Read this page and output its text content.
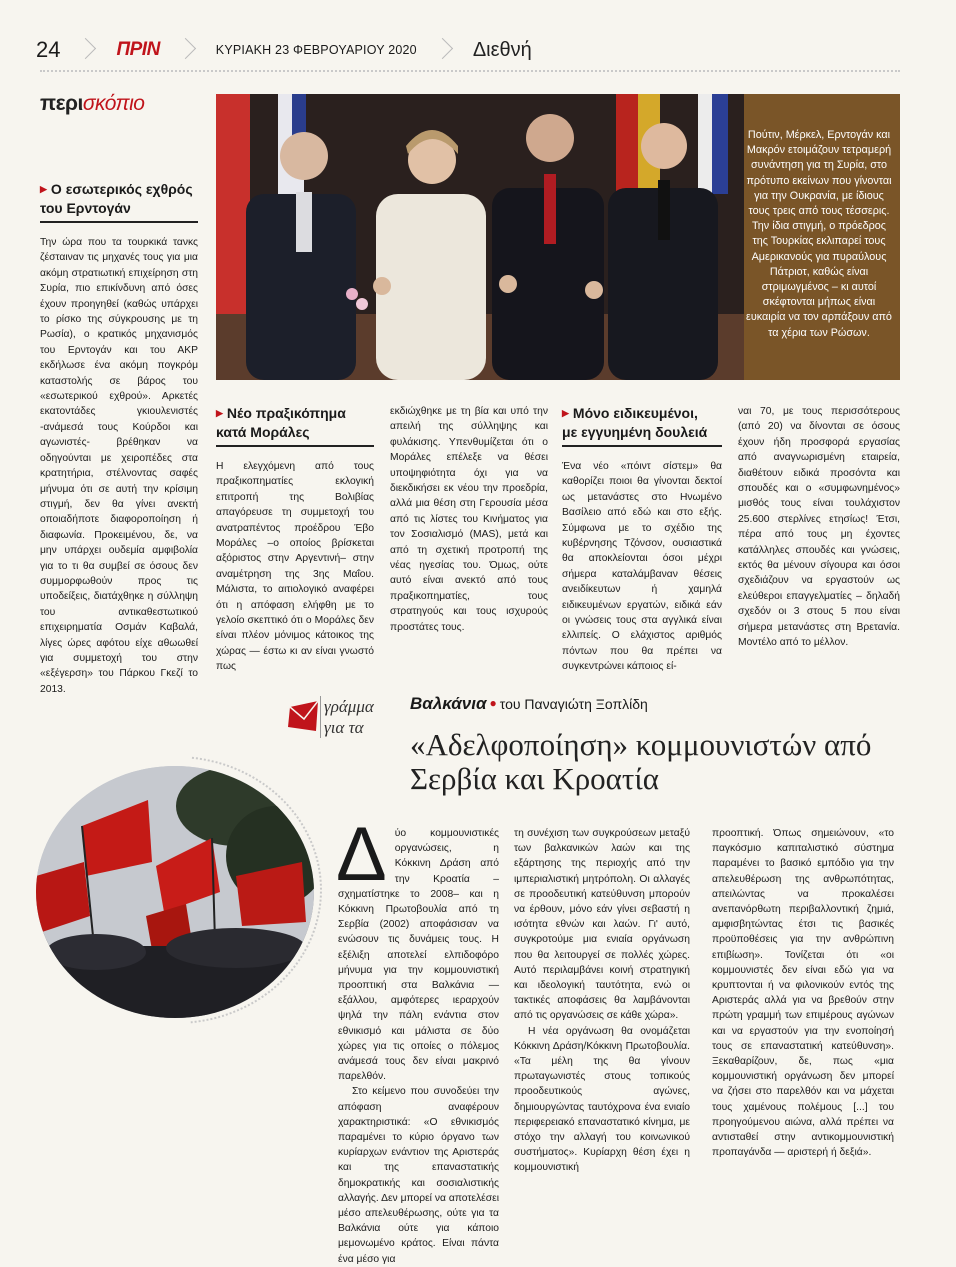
24	ΠΡΙΝ	ΚΥΡΙΑΚΗ 23 ΦΕΒΡΟΥΑΡΙΟΥ 2020	Διεθνή
περισκόπιο
▶ Ο εσωτερικός εχθρός
του Ερντογάν

Την ώρα που τα τουρκικά τανκς ζέσταιναν τις μηχανές τους για μια ακόμη στρατιωτική επιχείρηση στη Συρία, πιο επικίνδυνη από όσες έχουν προηγηθεί (καθώς υπάρχει το ρίσκο της σύγκρουσης με τη Ρωσία), ο κρατικός μηχανισμός του Ερντογάν και του ΑΚΡ εκδήλωσε ένα ακόμη πογκρόμ καταστολής σε βάρος του «εσωτερικού εχθρού». Αρκετές εκατοντάδες γκιουλενιστές -ανάμεσά τους Κούρδοι και αγωνιστές- βρέθηκαν να οδηγούνται με χειροπέδες στα κρατητήρια, στέλνοντας σαφές μήνυμα ότι σε αυτή την κρίσιμη στιγμή, δεν θα γίνει ανεκτή οποιαδήποτε διαφοροποίηση ή διαφωνία. Προκειμένου, δε, να μην υπάρχει ουδεμία αμφιβολία για το τι θα συμβεί σε όσους δεν συμμορφωθούν προς τις υποδείξεις, διατάχθηκε η σύλληψη του αντικαθεστωτικού επιχειρηματία Οσμάν Καβαλά, λίγες ώρες αφότου είχε αθωωθεί για συμμετοχή του στην «εξέγερση» του Πάρκου Γκεζί το 2013.

Πούτιν, Μέρκελ, Ερντογάν και Μακρόν ετοιμάζουν τετραμερή συνάντηση για τη Συρία, στο πρότυπο εκείνων που γίνονται για την Ουκρανία, με ίδιους τους τρεις από τους τέσσερις. Την ίδια στιγμή, ο πρόεδρος της Τουρκίας εκλιπαρεί τους Αμερικανούς για πυραύλους Πάτριοτ, καθώς είναι στριμωγμένος – κι αυτοί σκέφτονται μήπως είναι ευκαιρία να τον αρπάξουν από τα χέρια των Ρώσων.

▶ Νέο πραξικόπημα
κατά Μοράλες

Η ελεγχόμενη από τους πραξικοπηματίες εκλογική επιτροπή της Βολιβίας απαγόρευσε τη συμμετοχή του ανατραπέντος προέδρου Έβο Μοράλες –ο οποίος βρίσκεται αξόριστος στην Αργεντινή– στην αναμέτρηση της 3ης Μαΐου. Μάλιστα, το αιτιολογικό αναφέρει ότι η απόφαση ελήφθη με το γελοίο σκεπτικό ότι ο Μοράλες δεν είναι πλέον μόνιμος κάτοικος της χώρας — έστω κι αν είναι γνωστό πως

εκδιώχθηκε με τη βία και υπό την απειλή της σύλληψης και φυλάκισης. Υπενθυμίζεται ότι ο Μοράλες επέλεξε να θέσει υποψηφιότητα όχι για να διεκδικήσει εκ νέου την προεδρία, αλλά μια θέση στη Γερουσία μέσα από τις λίστες του Κινήματος για τον Σοσιαλισμό (MAS), μετά και από τη σχετική προτροπή της νέας ηγεσίας του. Όμως, ούτε αυτό είναι ανεκτό από τους πραξικοπηματίες, τους στρατηγούς και τους ισχυρούς προστάτες τους.

▶ Μόνο ειδικευμένοι,
με εγγυημένη δουλειά

Ένα νέο «πόιντ σίστεμ» θα καθορίζει ποιοι θα γίνονται δεκτοί ως μετανάστες στο Ηνωμένο Βασίλειο από εδώ και στο εξής. Σύμφωνα με το σχέδιο της κυβέρνησης Τζόνσον, ουσιαστικά θα αποκλείονται όσοι μέχρι σήμερα καταλάμβαναν θέσεις ανειδίκευτων ή χαμηλά ειδικευμένων εργατών, ειδικά εάν οι γνώσεις τους στα αγγλικά είναι ελλιπείς. Ο ελάχιστος αριθμός πόντων που θα πρέπει να συγκεντρώνει κάποιος εί-

ναι 70, με τους περισσότερους (από 20) να δίνονται σε όσους έχουν ήδη προσφορά εργασίας από αναγνωρισμένη εταιρεία, διαθέτουν ειδικά προσόντα και σπουδές και ο «συμφωνημένος» μισθός τους είναι τουλάχιστον 25.600 στερλίνες ετησίως! Έτσι, πέρα από τους μη έχοντες κατάλληλες σπουδές και γνώσεις, εκτός θα μένουν σίγουρα και όσοι σχεδιάζουν να εργαστούν ως ελεύθεροι επαγγελματίες – δηλαδή σχεδόν οι 3 στους 5 που είναι σήμερα μετανάστες στη Βρετανία. Μοντέλο από το μέλλον.

γράμμα
για τα
Βαλκάνια ● του Παναγιώτη Ξοπλίδη
«Αδελφοποίηση» κομμουνιστών από Σερβία και Κροατία
Δ ύο κομμουνιστικές οργανώσεις, η Κόκκινη Δράση από την Κροατία –σχηματίστηκε το 2008– και η Κόκκινη Πρωτοβουλία από τη Σερβία (2002) αποφάσισαν να ενώσουν τις δυνάμεις τους. Η εξέλιξη αποτελεί ελπιδοφόρο μήνυμα για την κομμουνιστική προοπτική στα Βαλκάνια — εξάλλου, αμφότερες ιεραρχούν ψηλά την πάλη ενάντια στον εθνικισμό και μάλιστα σε δύο χώρες για τις οποίες ο πόλεμος ανάμεσά τους δεν είναι μακρινό παρελθόν.

Στο κείμενο που συνοδεύει την απόφαση αναφέρουν χαρακτηριστικά: «Ο εθνικισμός παραμένει το κύριο όργανο των κυρίαρχων ενάντιον της Αριστεράς και της επαναστατικής δημοκρατικής και σοσιαλιστικής αλλαγής. Δεν μπορεί να αποτελέσει μέσο απελευθέρωσης, ούτε για τα Βαλκάνια ούτε για κάποιο μεμονωμένο κράτος. Είναι πάντα ένα μέσο για

τη συνέχιση των συγκρούσεων μεταξύ των βαλκανικών λαών και της εξάρτησης της περιοχής από την ιμπεριαλιστική μητρόπολη. Οι αλλαγές σε προοδευτική κατεύθυνση μπορούν να έρθουν, μόνο εάν γίνει σεβαστή η ισότητα εθνών και λαών. Γι' αυτό, συγκροτούμε μια ενιαία οργάνωση που θα λειτουργεί σε πολλές χώρες. Αυτό περιλαμβάνει κοινή στρατηγική και ιδεολογική ταυτότητα, ενώ οι τακτικές αποφάσεις θα λαμβάνονται από τις οργανώσεις σε κάθε χώρα».

Η νέα οργάνωση θα ονομάζεται Κόκκινη Δράση/Κόκκινη Πρωτοβουλία. «Τα μέλη της θα γίνουν πρωταγωνιστές στους τοπικούς προοδευτικούς αγώνες, δημιουργώντας ταυτόχρονα ένα ενιαίο περιφερειακό επαναστατικό κίνημα, με στόχο την αλλαγή του κοινωνικού συστήματος». Κυρίαρχη θέση έχει η κομμουνιστική

προοπτική. Όπως σημειώνουν, «το παγκόσμιο καπιταλιστικό σύστημα παραμένει το βασικό εμπόδιο για την απελευθέρωση της ανθρωπότητας, απειλώντας να προκαλέσει ανεπανόρθωτη περιβαλλοντική ζημιά, αμφισβητώντας έτσι τις βασικές προϋποθέσεις για την ανθρώπινη επιβίωση». Τονίζεται ότι «οι κομμουνιστές δεν είναι εδώ για να κρυπτονται ή να φιλονικούν εντός της Αριστεράς αλλά για να βρεθούν στην πρώτη γραμμή των επιμέρους αγώνων και να εργαστούν για την ενοποίησή τους σε επαναστατική κατεύθυνση». Ξεκαθαρίζουν, δε, πως «μια κομμουνιστική οργάνωση δεν μπορεί να ζήσει στο παρελθόν και να μάχεται τους χαμένους πολέμους [...] του προηγούμενου αιώνα, αλλά πρέπει να αντισταθεί στην αντικομμουνιστική προπαγάνδα — αριστερή ή δεξιά».
